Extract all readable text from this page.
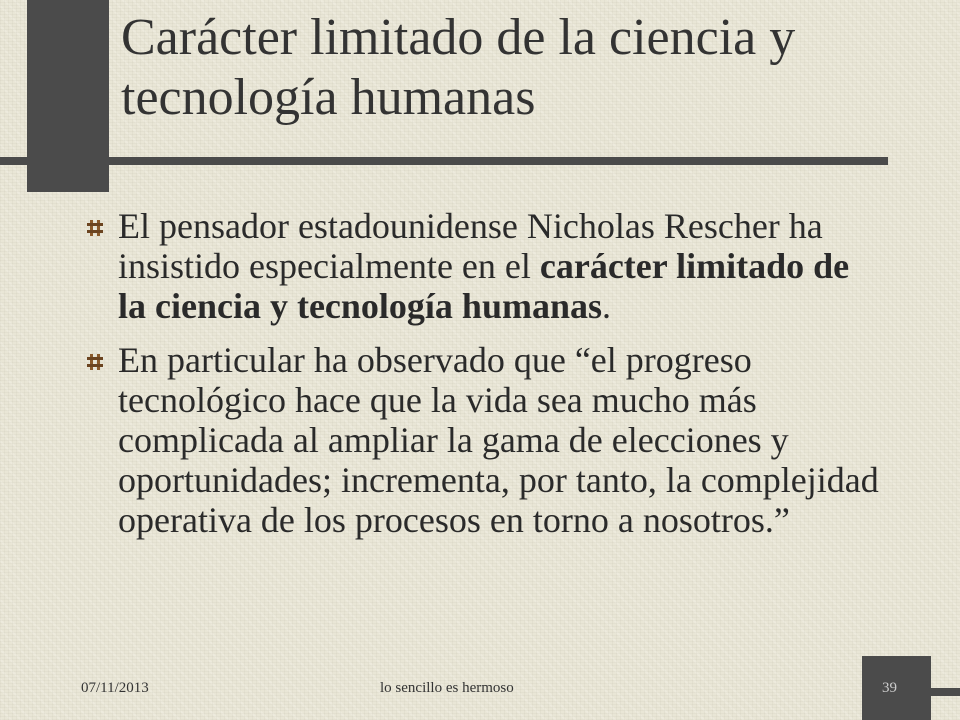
Carácter limitado de la ciencia y
tecnología humanas
El pensador estadounidense Nicholas Rescher ha insistido especialmente en el carácter limitado de la ciencia y tecnología humanas.
En particular ha observado que “el progreso tecnológico hace que la vida sea mucho más complicada al ampliar la gama de elecciones y oportunidades; incrementa, por tanto, la complejidad operativa de los procesos en torno a nosotros.”
07/11/2013	lo sencillo es hermoso	39
